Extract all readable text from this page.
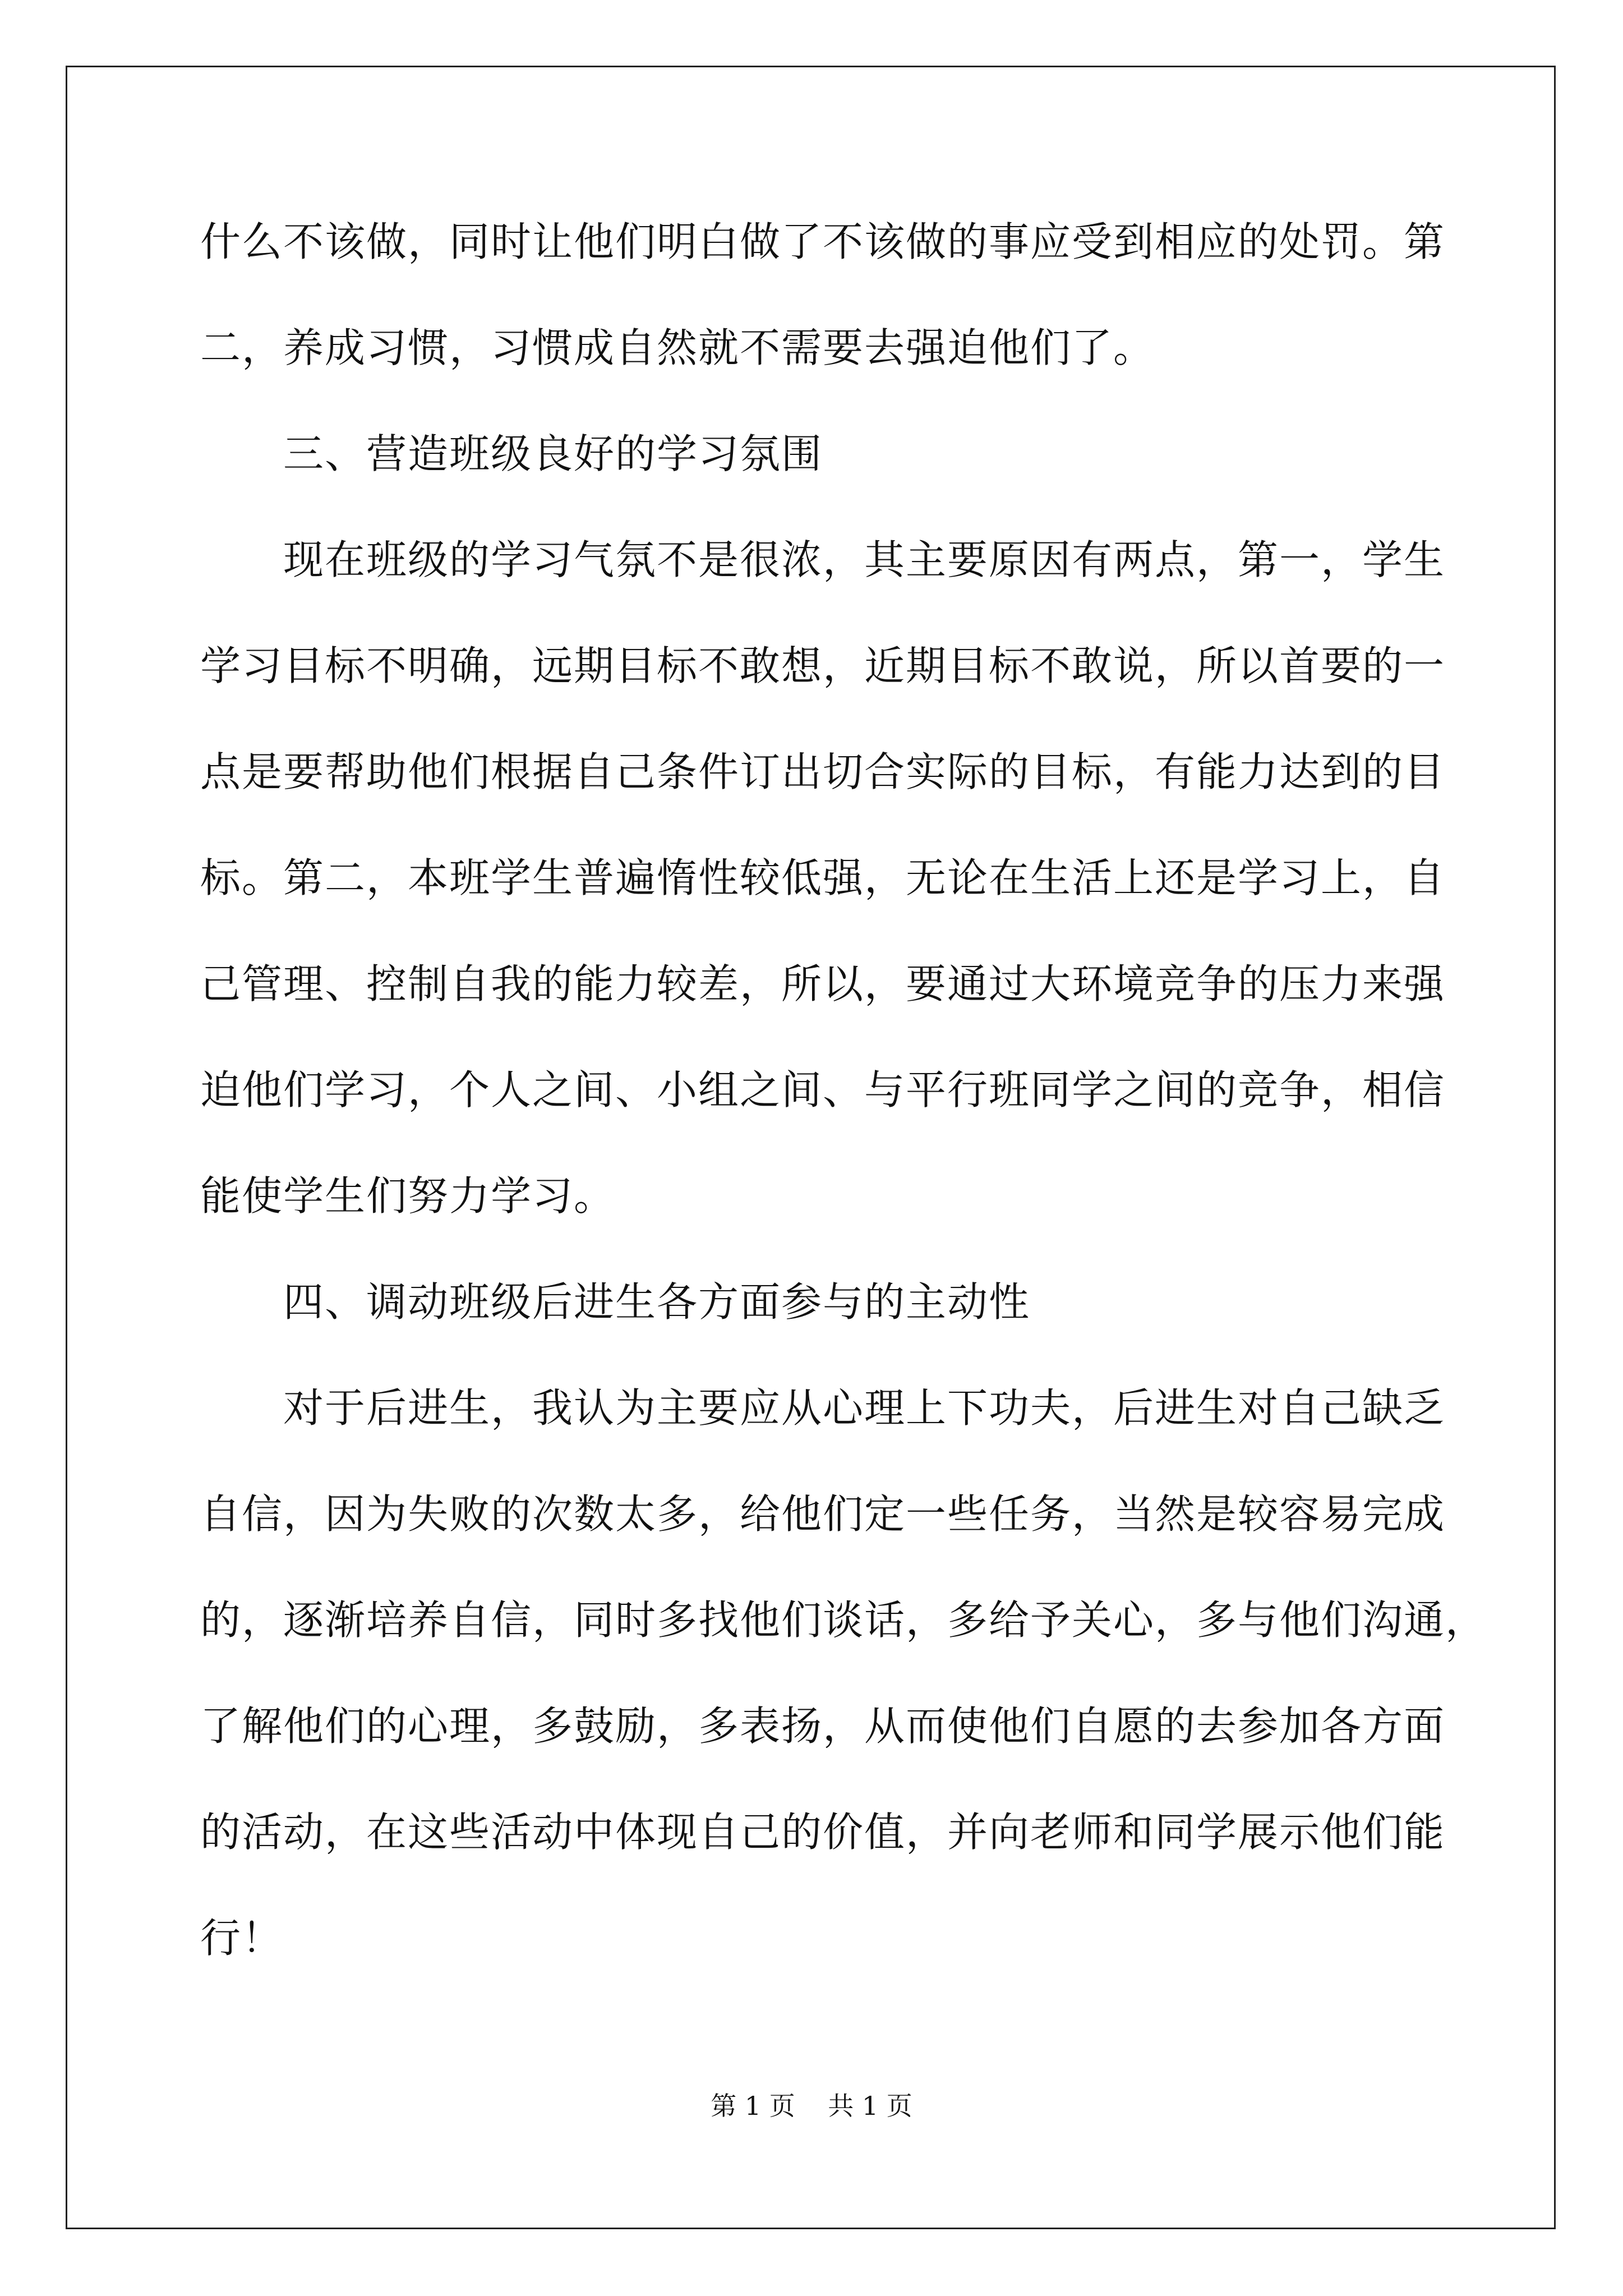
什么不该做，同时让他们明白做了不该做的事应受到相应的处罚。第
二，养成习惯，习惯成自然就不需要去强迫他们了。
三、营造班级良好的学习氛围
现在班级的学习气氛不是很浓，其主要原因有两点，第一，学生
学习目标不明确，远期目标不敢想，近期目标不敢说，所以首要的一
点是要帮助他们根据自己条件订出切合实际的目标，有能力达到的目
标。第二，本班学生普遍惰性较低强，无论在生活上还是学习上，自
己管理、控制自我的能力较差，所以，要通过大环境竞争的压力来强
迫他们学习，个人之间、小组之间、与平行班同学之间的竞争，相信
能使学生们努力学习。
四、调动班级后进生各方面参与的主动性
对于后进生，我认为主要应从心理上下功夫，后进生对自己缺乏
自信，因为失败的次数太多，给他们定一些任务，当然是较容易完成
的，逐渐培养自信，同时多找他们谈话，多给予关心，多与他们沟通，
了解他们的心理，多鼓励，多表扬，从而使他们自愿的去参加各方面
的活动，在这些活动中体现自己的价值，并向老师和同学展示他们能
行！
第 1 页    共 1 页
